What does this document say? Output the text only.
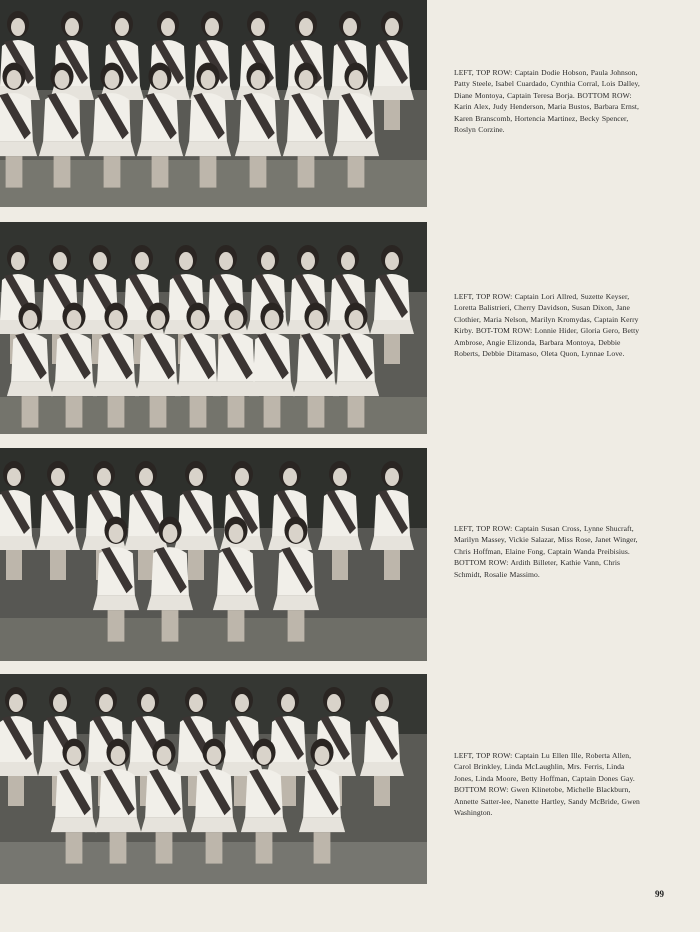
LEFT, TOP ROW: Captain Dodie Hobson, Paula Johnson, Patty Steele, Isabel Cuardado, Cynthia Corral, Lois Dalley, Diane Montoya, Captain Teresa Borja. BOTTOM ROW: Karin Alex, Judy Henderson, Maria Bustos, Barbara Ernst, Karen Branscomb, Hortencia Martinez, Becky Spencer, Roslyn Corzine.
LEFT, TOP ROW: Captain Lori Allred, Suzette Keyser, Loretta Balistrieri, Cherry Davidson, Susan Dixon, Jane Clothier, Maria Nelson, Marilyn Kromydas, Captain Kerry Kirby. BOT-TOM ROW: Lonnie Hider, Gloria Gero, Betty Ambrose, Angie Elizonda, Barbara Montoya, Debbie Roberts, Debbie Ditamaso, Oleta Quon, Lynnae Love.
LEFT, TOP ROW: Captain Susan Cross, Lynne Shucraft, Marilyn Massey, Vickie Salazar, Miss Rose, Janet Winger, Chris Hoffman, Elaine Fong, Captain Wanda Preibisius. BOTTOM ROW: Ardith Billeter, Kathie Vann, Chris Schmidt, Rosalie Massimo.
LEFT, TOP ROW: Captain Lu Ellen Ille, Roberta Allen, Carol Brinkley, Linda McLaughlin, Mrs. Ferris, Linda Jones, Linda Moore, Betty Hoffman, Captain Dones Gay. BOTTOM ROW: Gwen Klinetobe, Michelle Blackburn, Annette Satter-lee, Nanette Hartley, Sandy McBride, Gwen Washington.
99
